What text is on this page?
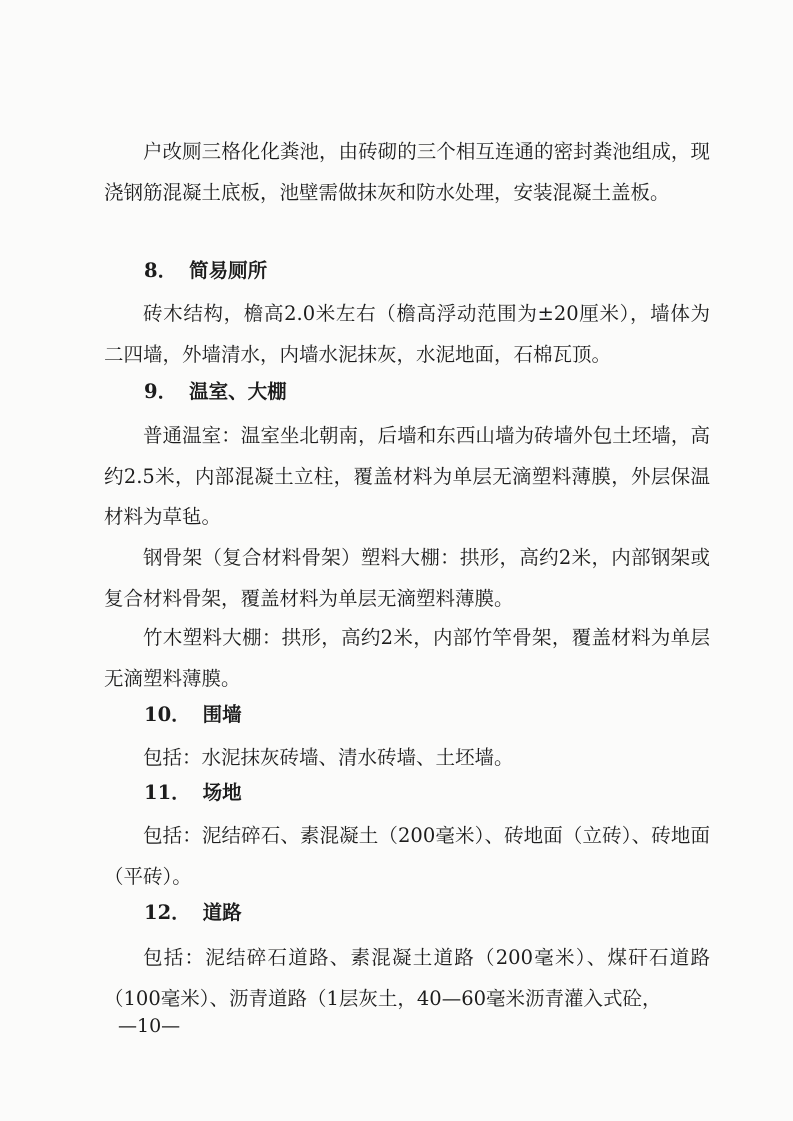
户改厕三格化化粪池，由砖砌的三个相互连通的密封粪池组成，现浇钢筋混凝土底板，池壁需做抹灰和防水处理，安装混凝土盖板。

8． 简易厕所

砖木结构，檐高2.0米左右（檐高浮动范围为±20厘米），墙体为二四墙，外墙清水，内墙水泥抹灰，水泥地面，石棉瓦顶。

9． 温室、大棚

普通温室：温室坐北朝南，后墙和东西山墙为砖墙外包土坯墙，高约2.5米，内部混凝土立柱，覆盖材料为单层无滴塑料薄膜，外层保温材料为草毡。

钢骨架（复合材料骨架）塑料大棚：拱形，高约2米，内部钢架或复合材料骨架，覆盖材料为单层无滴塑料薄膜。

竹木塑料大棚：拱形，高约2米，内部竹竿骨架，覆盖材料为单层无滴塑料薄膜。

10． 围墙

包括：水泥抹灰砖墙、清水砖墙、土坯墙。

11． 场地

包括：泥结碎石、素混凝土（200毫米）、砖地面（立砖）、砖地面（平砖）。

12． 道路

包括：泥结碎石道路、素混凝土道路（200毫米）、煤矸石道路（100毫米）、沥青道路（1层灰土，40—60毫米沥青灌入式砼，

—10—
